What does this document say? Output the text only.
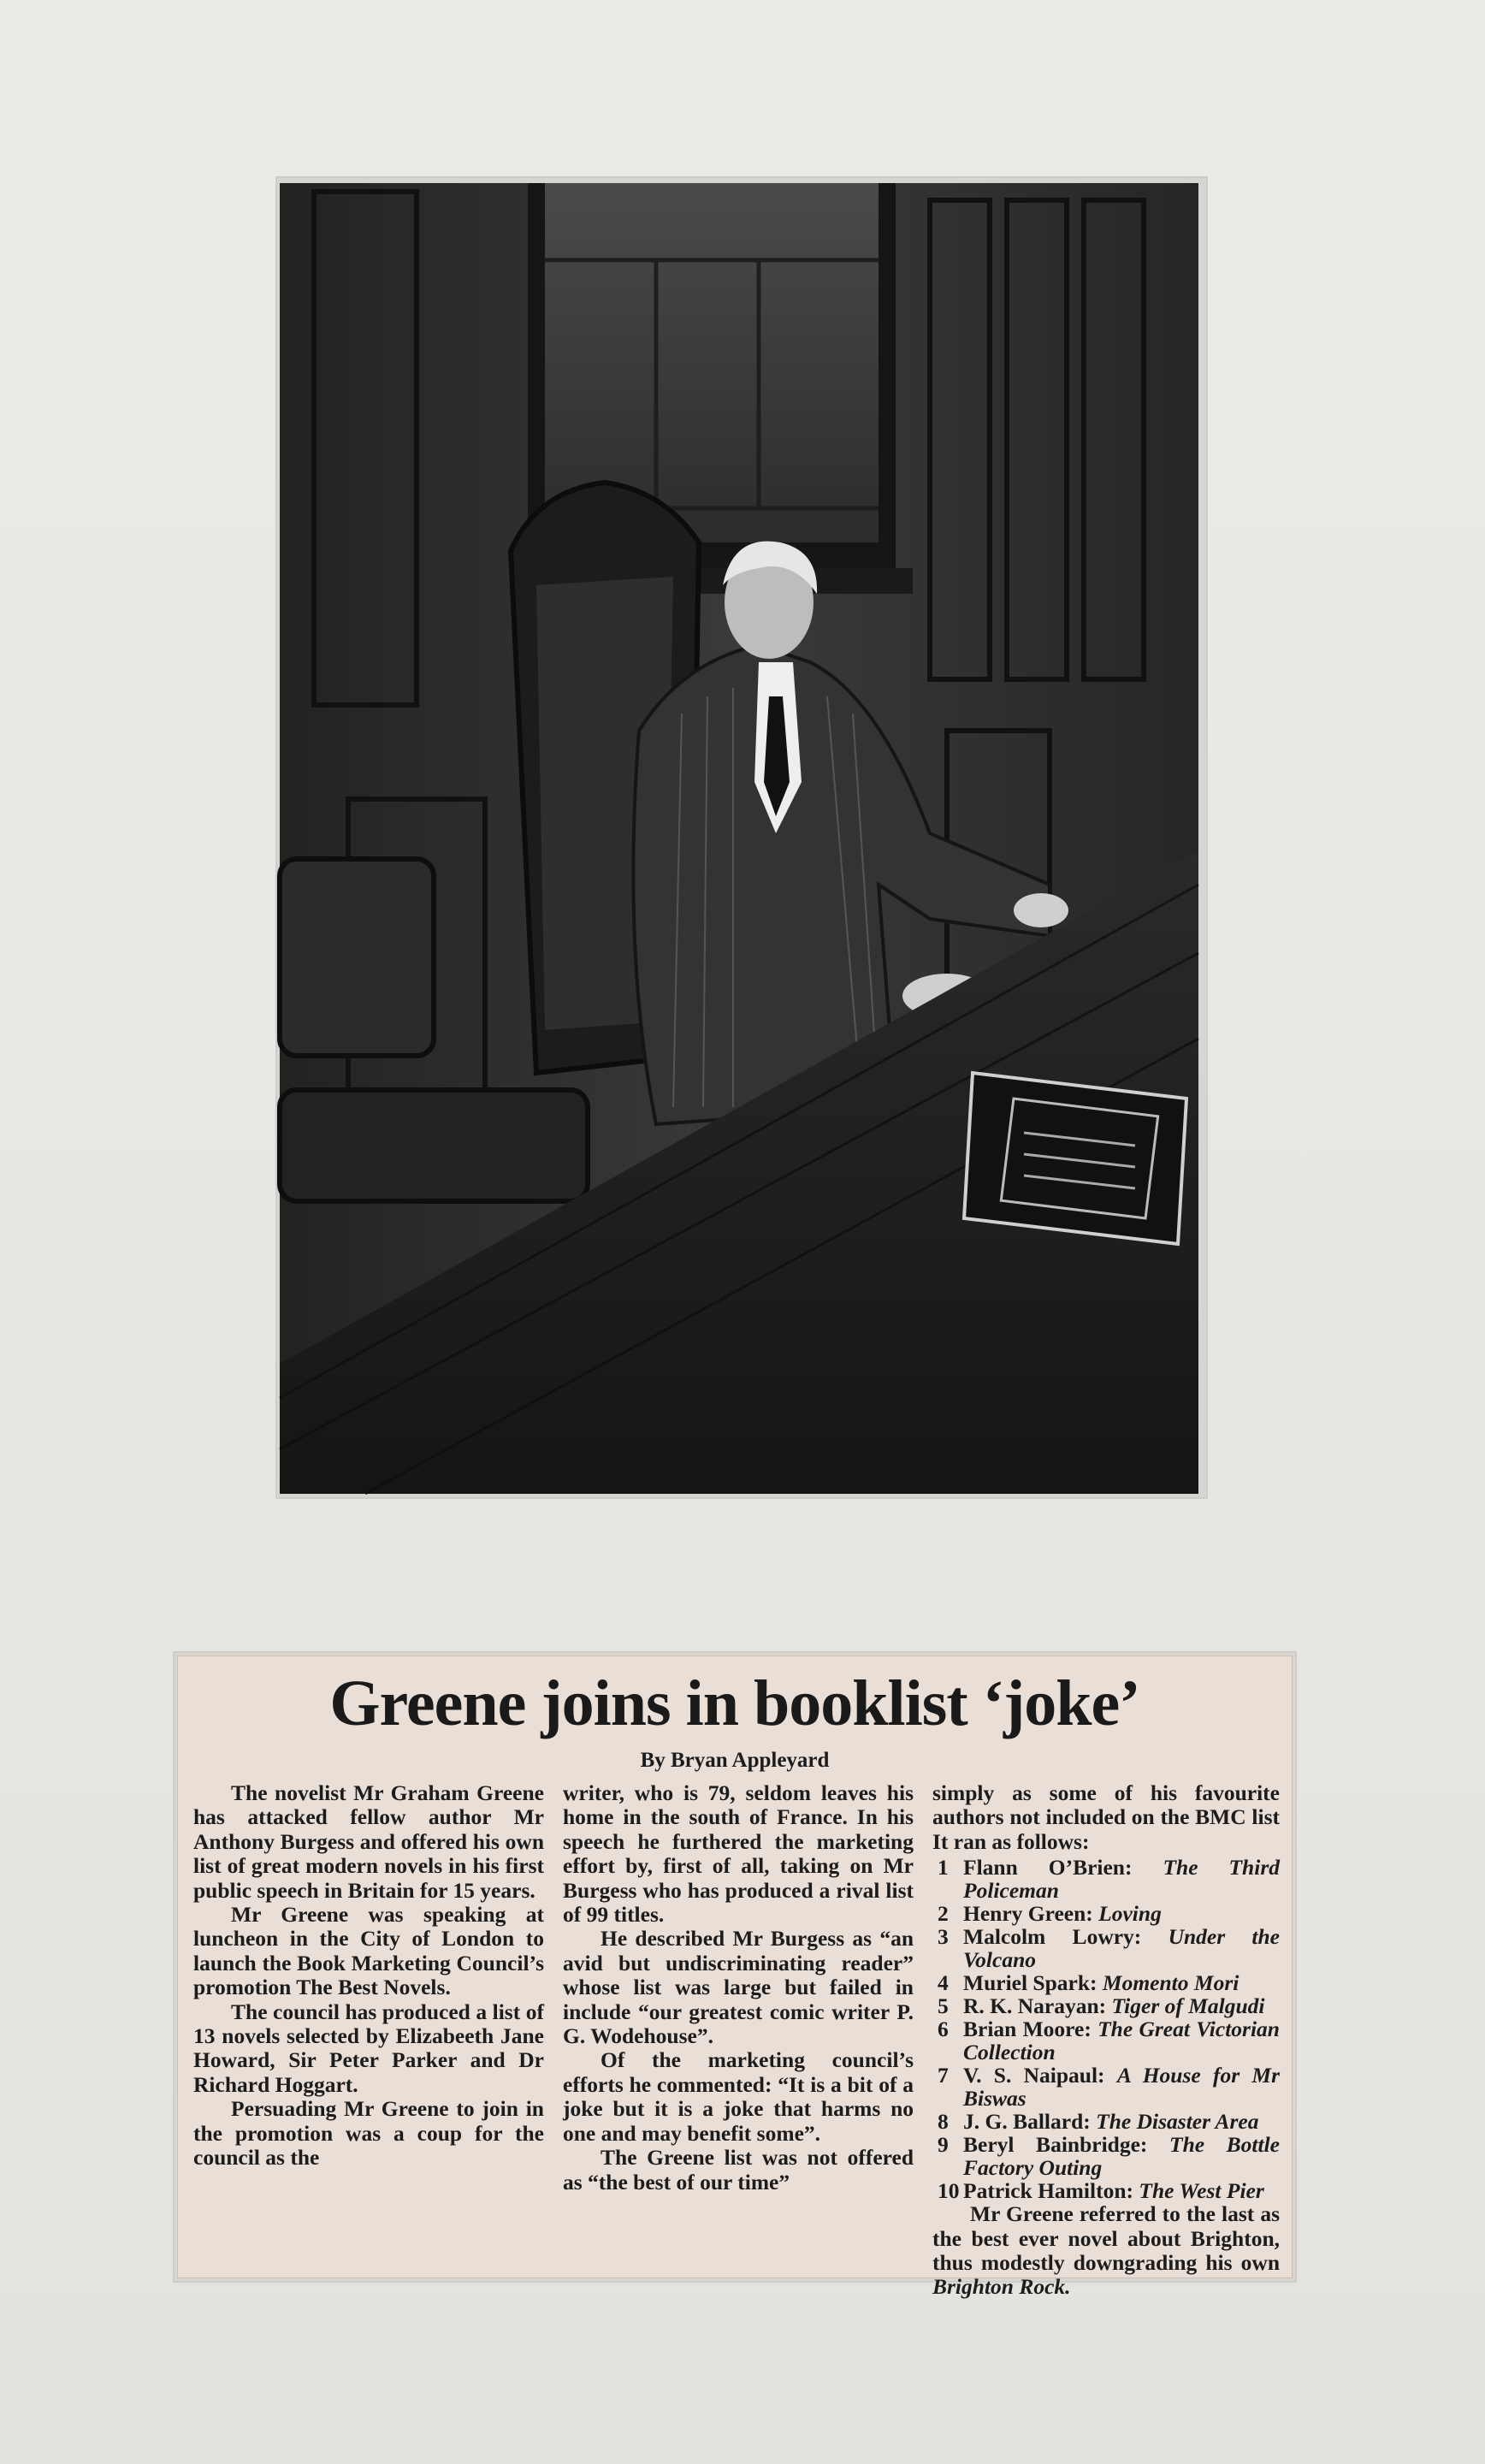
Greene joins in booklist ‘joke’
By Bryan Appleyard

The novelist Mr Graham Greene has attacked fellow author Mr Anthony Burgess and offered his own list of great modern novels in his first public speech in Britain for 15 years.

Mr Greene was speaking at luncheon in the City of London to launch the Book Marketing Council’s promotion The Best Novels.

The council has produced a list of 13 novels selected by Elizabeeth Jane Howard, Sir Peter Parker and Dr Richard Hoggart.

Persuading Mr Greene to join in the promotion was a coup for the council as the

writer, who is 79, seldom leaves his home in the south of France. In his speech he furthered the marketing effort by, first of all, taking on Mr Burgess who has produced a rival list of 99 titles.

He described Mr Burgess as “an avid but undiscriminating reader” whose list was large but failed in include “our greatest comic writer P. G. Wodehouse”.

Of the marketing council’s efforts he commented: “It is a bit of a joke but it is a joke that harms no one and may benefit some”.

The Greene list was not offered as “the best of our time”

simply as some of his favourite authors not included on the BMC list It ran as follows:

1 Flann O’Brien: The Third Policeman
2 Henry Green: Loving
3 Malcolm Lowry: Under the Volcano
4 Muriel Spark: Momento Mori
5 R. K. Narayan: Tiger of Malgudi
6 Brian Moore: The Great Victorian Collection
7 V. S. Naipaul: A House for Mr Biswas
8 J. G. Ballard: The Disaster Area
9 Beryl Bainbridge: The Bottle Factory Outing
10 Patrick Hamilton: The West Pier

Mr Greene referred to the last as the best ever novel about Brighton, thus modestly downgrading his own Brighton Rock.
